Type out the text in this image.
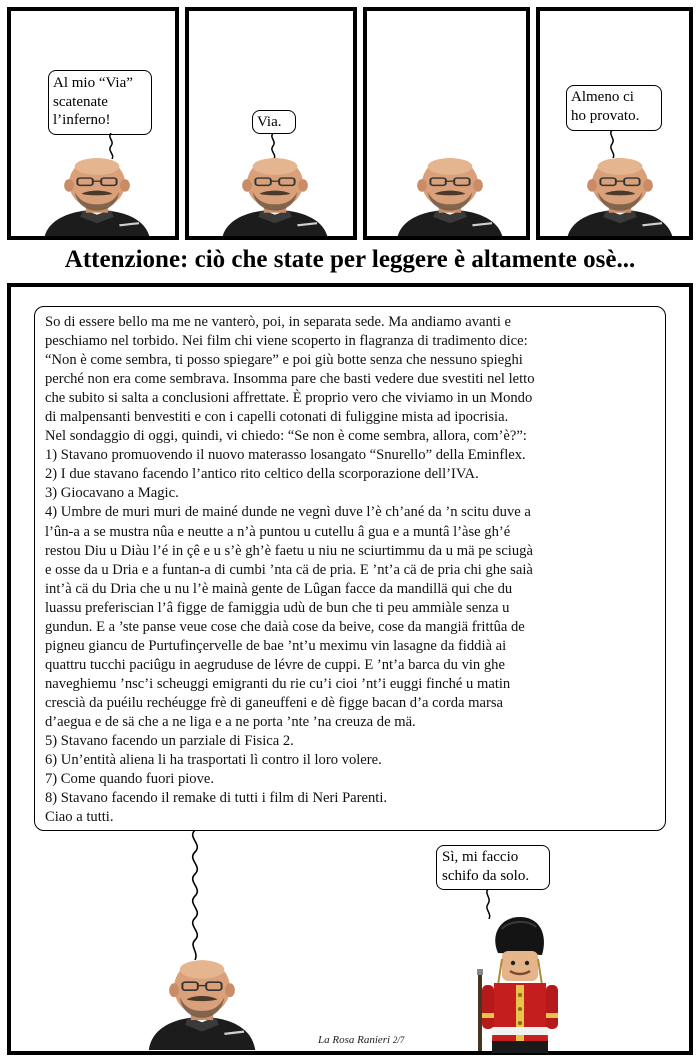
Al mio “Via”
scatenate
l’inferno!	Via.
Almeno ci
ho provato.
Attenzione: ciò che state per leggere è altamente osè...

So di essere bello ma me ne vanterò, poi, in separata sede. Ma andiamo avanti e

peschiamo nel torbido. Nei film chi viene scoperto in flagranza di tradimento dice:

“Non è come sembra, ti posso spiegare” e poi giù botte senza che nessuno spieghi

perché non era come sembrava. Insomma pare che basti vedere due svestiti nel letto

che subito si salta a conclusioni affrettate. È proprio vero che viviamo in un Mondo

di malpensanti benvestiti e con i capelli cotonati di fuliggine mista ad ipocrisia.

Nel sondaggio di oggi, quindi, vi chiedo: “Se non è come sembra, allora, com’è?”:

1) Stavano promuovendo il nuovo materasso losangato “Snurello” della Eminflex.

2) I due stavano facendo l’antico rito celtico della scorporazione dell’IVA.

3) Giocavano a Magic.

4) Umbre de muri muri de mainé dunde ne vegnì duve l’è ch’ané da ’n scitu duve a

l’ûn-a a se mustra nûa e neutte a n’à puntou u cutellu â gua e a muntâ l’àse gh’é

restou Diu u Diàu l’é in çê e u s’è gh’è faetu u niu ne sciurtimmu da u mä pe sciugà

e osse da u Dria e a funtan-a di cumbi ’nta cä de pria. E ’nt’a cä de pria chi ghe saià

int’à cä du Dria che u nu l’è mainà gente de Lûgan facce da mandillä qui che du

luassu preferiscian l’â figge de famiggia udù de bun che ti peu ammiàle senza u

gundun. E a ’ste panse veue cose che daià cose da beive, cose da mangiä frittûa de

pigneu giancu de Purtufinçervelle de bae ’nt’u meximu vin lasagne da fiddià ai

quattru tucchi paciûgu in aegruduse de lévre de cuppi. E ’nt’a barca du vin ghe

naveghiemu ’nsc’i scheuggi emigranti du rie cu’i cioi ’nt’i euggi finché u matin

crescià da puéilu rechéugge frè di ganeuffeni e dè figge bacan d’a corda marsa

d’aegua e de sä che a ne liga e a ne porta ’nte ’na creuza de mä.

5) Stavano facendo un parziale di Fisica 2.

6) Un’entità aliena li ha trasportati lì contro il loro volere.

7) Come quando fuori piove.

8) Stavano facendo il remake di tutti i film di Neri Parenti.

Ciao a tutti.

Sì, mi faccio
schifo da solo.
La Rosa Ranieri 2/7
